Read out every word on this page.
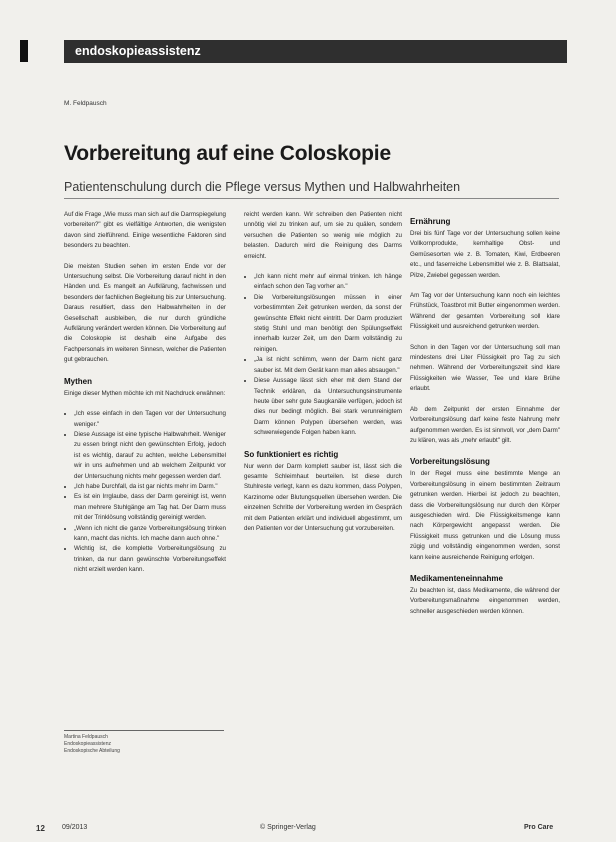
endoskopieassistenz
M. Feldpausch
Vorbereitung auf eine Coloskopie
Patientenschulung durch die Pflege versus Mythen und Halbwahrheiten

Auf die Frage „Wie muss man sich auf die Darmspiegelung vorbereiten?" gibt es vielfältige Antworten, die wenigsten davon sind zielführend. Einige wesentliche Faktoren sind besonders zu beachten.

Die meisten Studien sehen im ersten Ende vor der Untersuchung selbst. Die Vorbereitung darauf nicht in den Händen und. Es mangelt an Aufklärung, fachwissen und besonders der fachlichen Begleitung bis zur Untersuchung. Daraus resultiert, dass den Halbwahrheiten in der Gesellschaft ausbleiben, die nur durch gründliche Aufklärung verändert werden können. Die Vorbereitung auf die Coloskopie ist deshalb eine Aufgabe des Fachpersonals im weiteren Sinnesn, welcher die Patienten gut gebrauchen.

Mythen

Einige dieser Mythen möchte ich mit Nachdruck erwähnen:

• „Ich esse einfach in den Tagen vor der Untersuchung weniger."
• Diese Aussage ist eine typische Halbwahrheit. Weniger zu essen bringt nicht den gewünschten Erfolg, jedoch ist es wichtig, darauf zu achten, welche Lebensmittel wir in uns aufnehmen und ab welchem Zeitpunkt vor der Untersuchung nichts mehr gegessen werden darf.
• „Ich habe Durchfall, da ist gar nichts mehr im Darm."
• Es ist ein Irrglaube, dass der Darm gereinigt ist, wenn man mehrere Stuhlgänge am Tag hat. Der Darm muss mit der Trinklösung vollständig gereinigt werden.
• „Wenn ich nicht die ganze Vorbereitungslösung trinken kann, macht das nichts. Ich mache dann auch ohne."
• Wichtig ist, die komplette Vorbereitungslösung zu trinken, da nur dann gewünschte Vorbereitungseffekt nicht erzielt werden kann.
Martina Feldpausch
Endoskopieassistenz
Endoskopische Abteilung

reicht werden kann. Wir schreiben den Patienten nicht unnötig viel zu trinken auf, um sie zu quälen, sondern versuchen die Patienten so wenig wie möglich zu belasten. Dadurch wird die Reinigung des Darms erreicht.

• „Ich kann nicht mehr auf einmal trinken. Ich hänge einfach schon den Tag vorher an."
• Die Vorbereitungslösungen müssen in einer vorbestimmten Zeit getrunken werden, da sonst der gewünschte Effekt nicht eintritt. Der Darm produziert stetig Stuhl und man benötigt den Spülungseffekt innerhalb kurzer Zeit, um den Darm vollständig zu reinigen.
• „Ja ist nicht schlimm, wenn der Darm nicht ganz sauber ist. Mit dem Gerät kann man alles absaugen."
• Diese Aussage lässt sich eher mit dem Stand der Technik erklären, da Untersuchungsinstrumente heute über sehr gute Saugkanäle verfügen, jedoch ist dies nur bedingt möglich. Bei stark verunreinigtem Darm können Polypen übersehen werden, was schwerwiegende Folgen haben kann.
So funktioniert es richtig

Nur wenn der Darm komplett sauber ist, lässt sich die gesamte Schleimhaut beurteilen. Ist diese durch Stuhlreste verlegt, kann es dazu kommen, dass Polypen, Karzinome oder Blutungsquellen übersehen werden. Die einzelnen Schritte der Vorbereitung werden im Gespräch mit dem Patienten erklärt und individuell abgestimmt, um den Patienten vor der Untersuchung gut vorzubereiten.

Ernährung

Drei bis fünf Tage vor der Untersuchung sollen keine Vollkornprodukte, kernhaltige Obst- und Gemüsesorten wie z. B. Tomaten, Kiwi, Erdbeeren etc., und faserreiche Lebensmittel wie z. B. Blattsalat, Pilze, Zwiebel gegessen werden.

Am Tag vor der Untersuchung kann noch ein leichtes Frühstück, Toastbrot mit Butter eingenommen werden. Während der gesamten Vorbereitung soll klare Flüssigkeit und ausreichend getrunken werden.

Schon in den Tagen vor der Untersuchung soll man mindestens drei Liter Flüssigkeit pro Tag zu sich nehmen. Während der Vorbereitungszeit sind klare Flüssigkeiten wie Wasser, Tee und klare Brühe erlaubt.

Ab dem Zeitpunkt der ersten Einnahme der Vorbereitungslösung darf keine feste Nahrung mehr aufgenommen werden. Es ist sinnvoll, vor „dem Darm" zu klären, was als „mehr erlaubt" gilt.

Vorbereitungslösung

In der Regel muss eine bestimmte Menge an Vorbereitungslösung in einem bestimmten Zeitraum getrunken werden. Hierbei ist jedoch zu beachten, dass die Vorbereitungslösung nur durch den Körper ausgeschieden wird. Die Flüssigkeitsmenge kann nach Körpergewicht angepasst werden. Die Flüssigkeit muss getrunken und die Lösung muss zügig und vollständig eingenommen werden, sonst kann keine ausreichende Reinigung erfolgen.

Medikamenteneinnahme

Zu beachten ist, dass Medikamente, die während der Vorbereitungsmaßnahme eingenommen werden, schneller ausgeschieden werden können.

12 09/2013	© Springer-Verlag	Pro Care
